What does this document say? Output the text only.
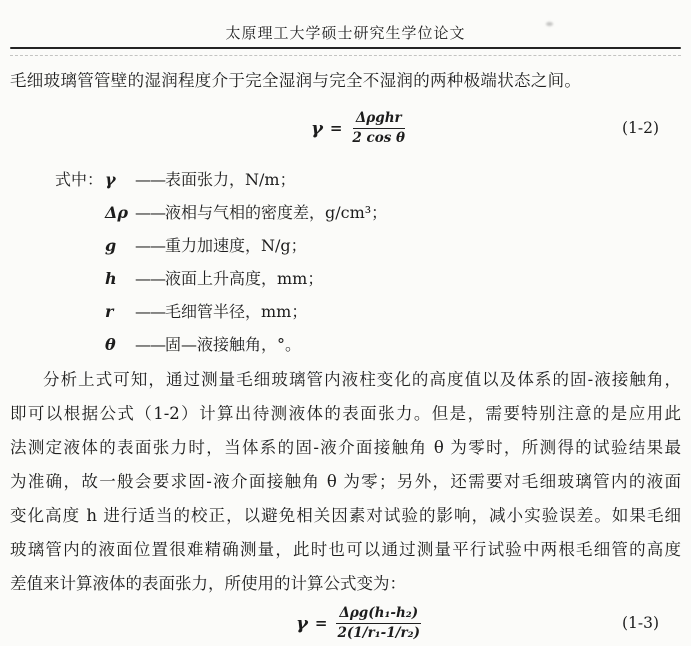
太原理工大学硕士研究生学位论文

毛细玻璃管管壁的湿润程度介于完全湿润与完全不湿润的两种极端状态之间。

$\gamma = \frac{\text{Δρghr}}{\text{2 cos θ}}$	(1-2)
式中： γ ——表面张力，N/m；
Δρ ——液相与气相的密度差，g/cm³；
g ——重力加速度，N/g；
h ——液面上升高度，mm；
r ——毛细管半径，mm；
θ ——固—液接触角，°。
分析上式可知，通过测量毛细玻璃管内液柱变化的高度值以及体系的固-液接触角，
即可以根据公式（1-2）计算出待测液体的表面张力。但是，需要特别注意的是应用此
法测定液体的表面张力时，当体系的固-液介面接触角 θ 为零时，所测得的试验结果最
为准确，故一般会要求固-液介面接触角 θ 为零；另外，还需要对毛细玻璃管内的液面
变化高度 h 进行适当的校正，以避免相关因素对试验的影响，减小实验误差。如果毛细
玻璃管内的液面位置很难精确测量，此时也可以通过测量平行试验中两根毛细管的高度
差值来计算液体的表面张力，所使用的计算公式变为：
$\gamma = \frac{\text{Δρg(h₁-h₂)}}{\text{2(1/r₁-1/r₂)}}$	(1-3)
